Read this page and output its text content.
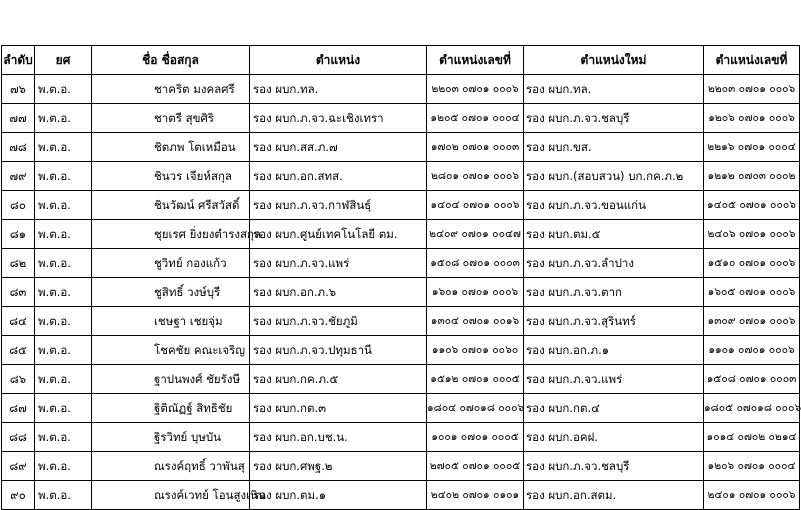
ลำดับ	ยศ	ชื่อ ชื่อสกุล	ตำแหน่ง	ตำแหน่งเลขที่	ตำแหน่งใหม่	ตำแหน่งเลขที่
๗๖	พ.ต.อ.	ชาคริต มงคลศรี	รอง ผบก.ทล.	๒๒๐๓ ๐๗๐๑ ๐๐๐๖	รอง ผบก.ทล.	๒๒๐๓ ๐๗๐๑ ๐๐๐๖
๗๗	พ.ต.อ.	ชาตรี สุขศิริ	รอง ผบก.ภ.จว.ฉะเชิงเทรา	๑๒๐๕ ๐๗๐๑ ๐๐๐๔	รอง ผบก.ภ.จว.ชลบุรี	๑๒๐๖ ๐๗๐๑ ๐๐๐๖
๗๘	พ.ต.อ.	ชิตภพ โตเหมือน	รอง ผบก.สส.ภ.๗	๑๗๐๒ ๐๗๐๑ ๐๐๐๓	รอง ผบก.ขส.	๒๒๑๖ ๐๗๐๑ ๐๐๐๔
๗๙	พ.ต.อ.	ชินวร เจียห์สกุล	รอง ผบก.อก.สทส.	๒๘๐๑ ๐๗๐๑ ๐๐๐๖	รอง ผบก.(สอบสวน) บก.กค.ภ.๒	๑๒๑๒ ๐๗๐๓ ๐๐๐๒
๘๐	พ.ต.อ.	ชินวัฒน์ ศรีสวัสดิ์	รอง ผบก.ภ.จว.กาฬสินธุ์	๑๔๐๔ ๐๗๐๑ ๐๐๐๖	รอง ผบก.ภ.จว.ขอนแก่น	๑๔๐๕ ๐๗๐๑ ๐๐๐๖
๘๑	พ.ต.อ.	ชุยเรศ ยิ่งยงตำรงสกุล	รอง ผบก.ศูนย์เทคโนโลยี ตม.	๒๔๐๙ ๐๗๐๑ ๐๐๔๗	รอง ผบก.ตม.๕	๒๔๐๖ ๐๗๐๑ ๐๐๐๖
๘๒	พ.ต.อ.	ชูวิทย์ กองแก้ว	รอง ผบก.ภ.จว.แพร่	๑๕๐๘ ๐๗๐๑ ๐๐๐๓	รอง ผบก.ภ.จว.ลำปาง	๑๕๑๐ ๐๗๐๑ ๐๐๐๖
๘๓	พ.ต.อ.	ชูสิทธิ์ วงษ์บุรี	รอง ผบก.อก.ภ.๖	๑๖๐๑ ๐๗๐๑ ๐๐๐๖	รอง ผบก.ภ.จว.ตาก	๑๖๐๕ ๐๗๐๑ ๐๐๐๖
๘๔	พ.ต.อ.	เชษฐา เชยจุ่ม	รอง ผบก.ภ.จว.ชัยภูมิ	๑๓๐๔ ๐๗๐๑ ๐๐๑๖	รอง ผบก.ภ.จว.สุรินทร์	๑๓๐๙ ๐๗๐๑ ๐๐๐๖
๘๕	พ.ต.อ.	โชคชัย คณะเจริญ	รอง ผบก.ภ.จว.ปทุมธานี	๑๑๐๖ ๐๗๐๑ ๐๐๖๐	รอง ผบก.อก.ภ.๑	๑๑๐๑ ๐๗๐๑ ๐๐๐๖
๘๖	พ.ต.อ.	ฐาปนพงศ์ ชัยรังษี	รอง ผบก.กค.ภ.๕	๑๕๑๒ ๐๗๐๑ ๐๐๐๕	รอง ผบก.ภ.จว.แพร่	๑๕๐๘ ๐๗๐๑ ๐๐๐๓
๘๗	พ.ต.อ.	ฐิติณัฏฐ์ สิทธิชัย	รอง ผบก.กต.๓	๑๘๐๔ ๐๗๐๑๘ ๐๐๐๖	รอง ผบก.กต.๔	๑๘๐๕ ๐๗๐๑๘ ๐๐๐๖
๘๘	พ.ต.อ.	ฐิรวิทย์ บุษบัน	รอง ผบก.อก.บช.น.	๑๐๐๑ ๐๗๐๑ ๐๐๐๕	รอง ผบก.อคฝ.	๑๐๑๔ ๐๗๐๒ ๐๒๑๔
๘๙	พ.ต.อ.	ณรงค์ฤทธิ์ วาพันสุ	รอง ผบก.ศพฐ.๒	๒๗๐๕ ๐๗๐๑ ๐๐๐๕	รอง ผบก.ภ.จว.ชลบุรี	๑๒๐๖ ๐๗๐๑ ๐๐๐๔
๙๐	พ.ต.อ.	ณรงค์เวทย์ โอนสูงเนิน	รอง ผบก.ตม.๑	๒๔๐๒ ๐๗๐๑ ๐๑๐๑	รอง ผบก.อก.สตม.	๒๔๐๑ ๐๗๐๑ ๐๐๐๖
